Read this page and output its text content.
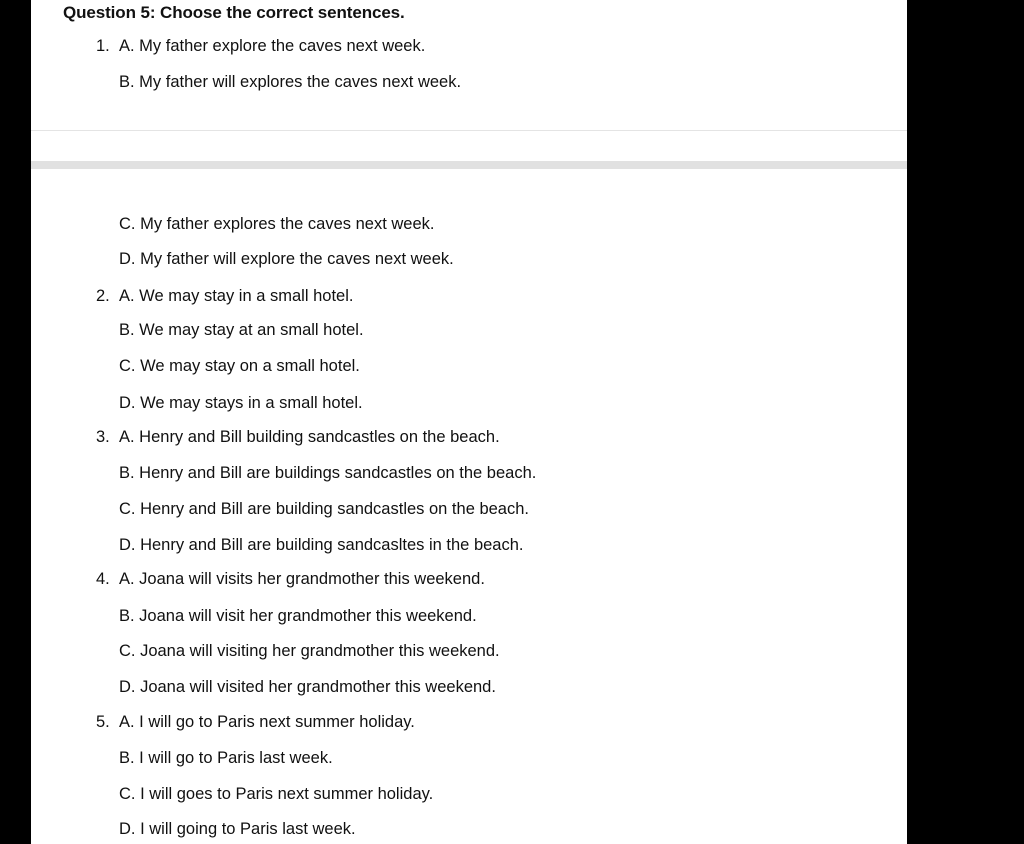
Question 5: Choose the correct sentences.
1. A. My father explore the caves next week.
B. My father will explores the caves next week.
C. My father explores the caves next week.
D. My father will explore the caves next week.
2. A. We may stay in a small hotel.
B. We may stay at an small hotel.
C. We may stay on a small hotel.
D. We may stays in a small hotel.
3. A. Henry and Bill building sandcastles on the beach.
B. Henry and Bill are buildings sandcastles on the beach.
C. Henry and Bill are building sandcastles on the beach.
D. Henry and Bill are building sandcasltes in the beach.
4. A. Joana will visits her grandmother this weekend.
B. Joana will visit her grandmother this weekend.
C. Joana will visiting her grandmother this weekend.
D. Joana will visited her grandmother this weekend.
5. A. I will go to Paris next summer holiday.
B. I will go to Paris last week.
C. I will goes to Paris next summer holiday.
D. I will going to Paris last week.
